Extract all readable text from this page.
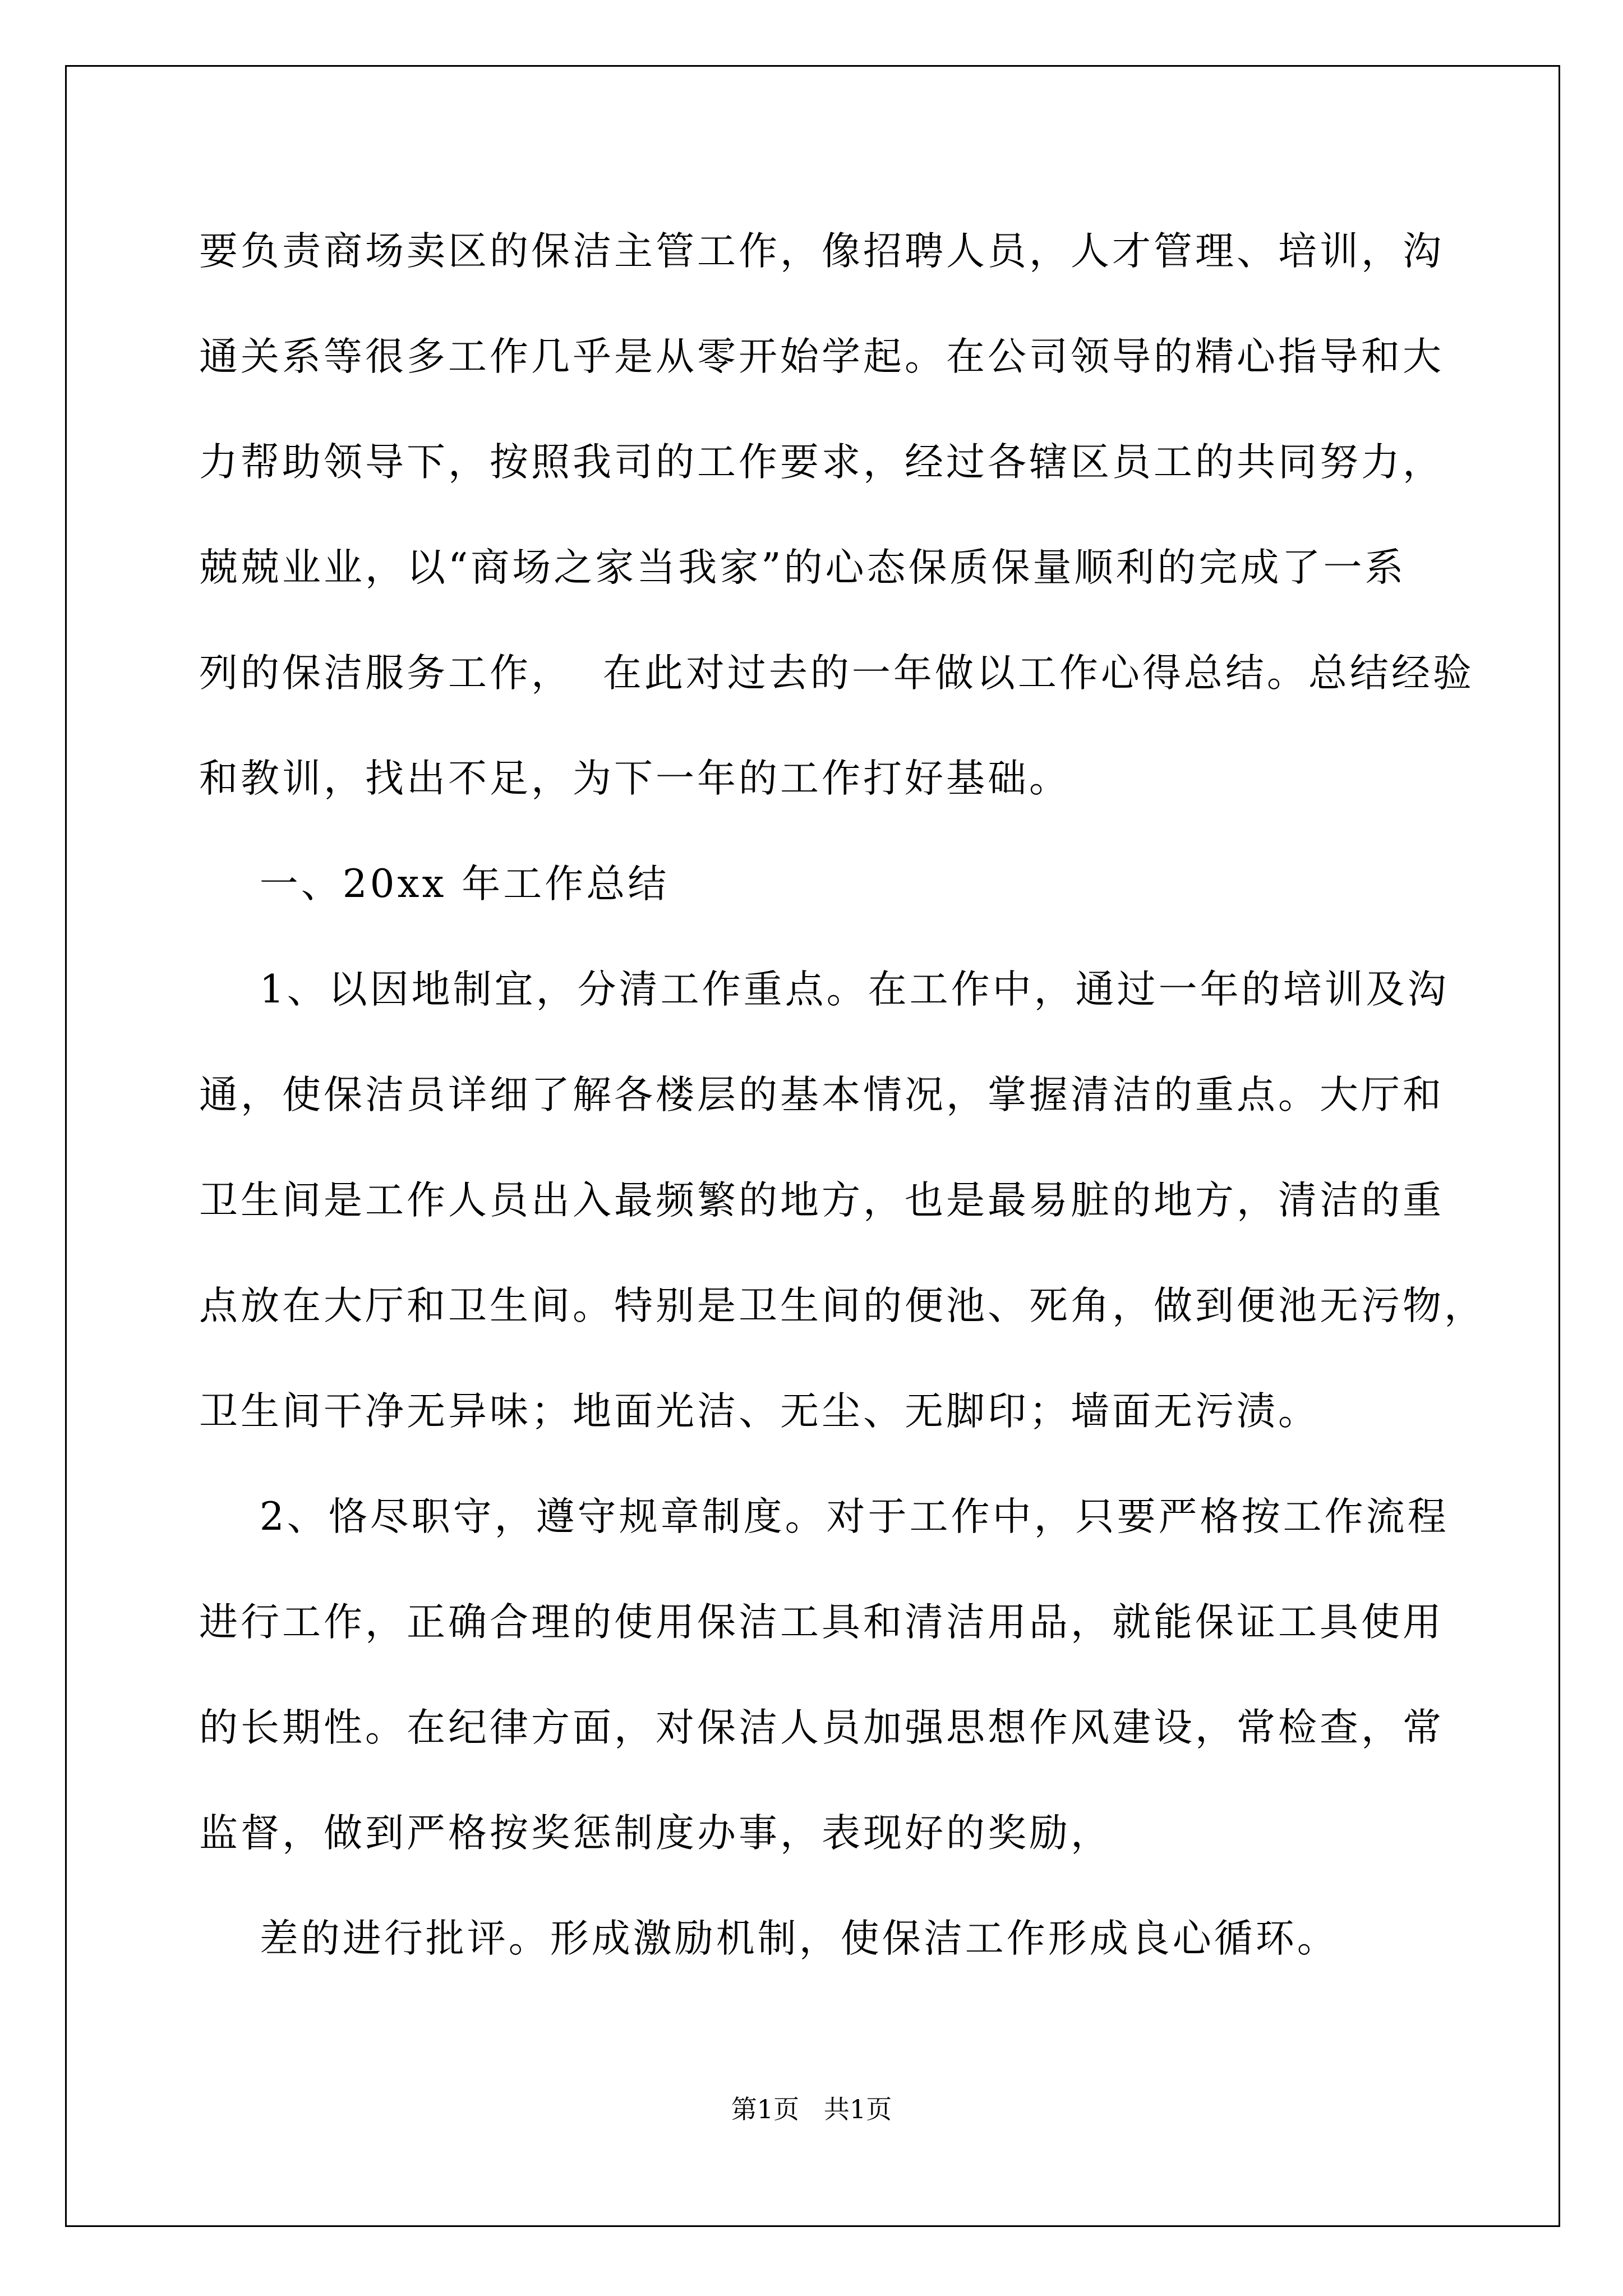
要负责商场卖区的保洁主管工作，像招聘人员，人才管理、培训，沟
通关系等很多工作几乎是从零开始学起。在公司领导的精心指导和大
力帮助领导下，按照我司的工作要求，经过各辖区员工的共同努力，
兢兢业业，以“商场之家当我家”的心态保质保量顺利的完成了一系
列的保洁服务工作，  在此对过去的一年做以工作心得总结。总结经验
和教训，找出不足，为下一年的工作打好基础。
一、20xx 年工作总结
1、以因地制宜，分清工作重点。在工作中，通过一年的培训及沟
通，使保洁员详细了解各楼层的基本情况，掌握清洁的重点。大厅和
卫生间是工作人员出入最频繁的地方，也是最易脏的地方，清洁的重
点放在大厅和卫生间。特别是卫生间的便池、死角，做到便池无污物，
卫生间干净无异味；地面光洁、无尘、无脚印；墙面无污渍。
2、恪尽职守，遵守规章制度。对于工作中，只要严格按工作流程
进行工作，正确合理的使用保洁工具和清洁用品，就能保证工具使用
的长期性。在纪律方面，对保洁人员加强思想作风建设，常检查，常
监督，做到严格按奖惩制度办事，表现好的奖励，
差的进行批评。形成激励机制，使保洁工作形成良心循环。
第1页   共1页
